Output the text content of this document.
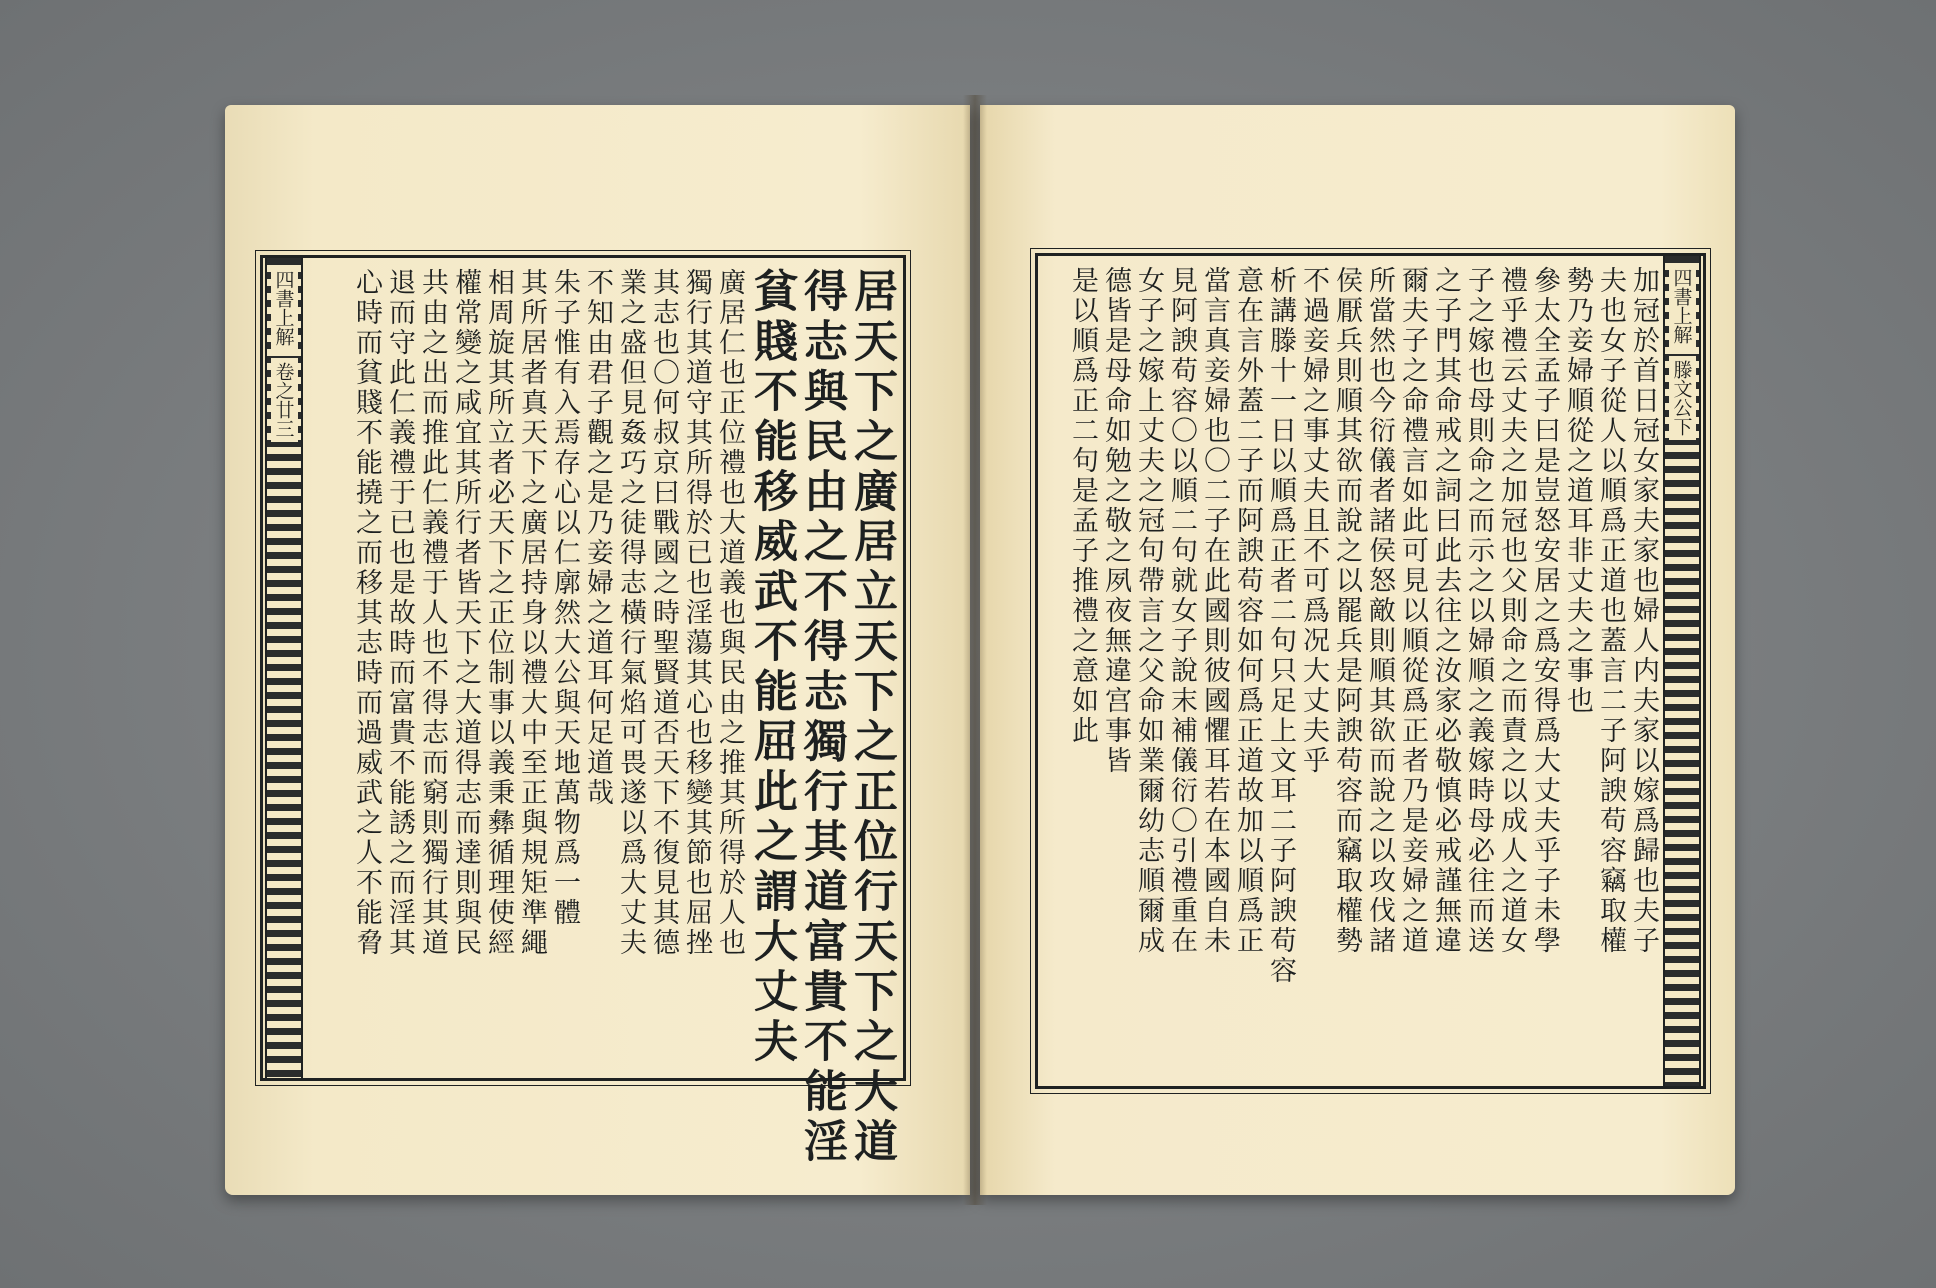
四書上解
卷之廿三	居天下之廣居立天下之正位行天下之大道
得志與民由之不得志獨行其道富貴不能淫
貧賤不能移威武不能屈此之謂大丈夫
廣居仁也正位禮也大道義也與民由之推其所得於人也
獨行其道守其所得於已也淫蕩其心也移變其節也屈挫
其志也〇何叔京曰戰國之時聖賢道否天下不復見其德
業之盛但見姦巧之徒得志橫行氣焰可畏遂以爲大丈夫
不知由君子觀之是乃妾婦之道耳何足道哉
朱子惟有入焉存心以仁廓然大公與天地萬物爲一體
其所居者真天下之廣居持身以禮大中至正與規矩準繩
相周旋其所立者必天下之正位制事以義秉彝循理使經
權常變之咸宜其所行者皆天下之大道得志而達則與民
共由之出而推此仁義禮于人也不得志而窮則獨行其道
退而守此仁義禮于已也是故時而富貴不能誘之而淫其
心時而貧賤不能撓之而移其志時而過威武之人不能脅	四書上解
滕文公下
加冠於首日冠女家夫家也婦人内夫家以嫁爲歸也夫子
夫也女子從人以順爲正道也蓋言二子阿諛苟容竊取權
勢乃妾婦順從之道耳非丈夫之事也
參太全孟子曰是豈怒安居之爲安得爲大丈夫乎子未學
禮乎禮云丈夫之加冠也父則命之而責之以成人之道女
子之嫁也母則命之而示之以婦順之義嫁時母必往而送
之子門其命戒之詞曰此去往之汝家必敬慎必戒謹無違
爾夫子之命禮言如此可見以順從爲正者乃是妾婦之道
所當然也今衍儀者諸侯怒敵則順其欲而說之以攻伐諸
侯厭兵則順其欲而說之以罷兵是阿諛苟容而竊取權勢
不過妾婦之事丈夫且不可爲况大丈夫乎
析講滕十一日以順爲正者二句只足上文耳二子阿諛苟容
意在言外蓋二子而阿諛苟容如何爲正道故加以順爲正
當言真妾婦也〇二子在此國則彼國懼耳若在本國自未
見阿諛苟容〇以順二句就女子說末補儀衍〇引禮重在
女子之嫁上丈夫之冠句帶言之父命如業爾幼志順爾成
德皆是母命如勉之敬之夙夜無違宫事皆
是以順爲正二句是孟子推禮之意如此
